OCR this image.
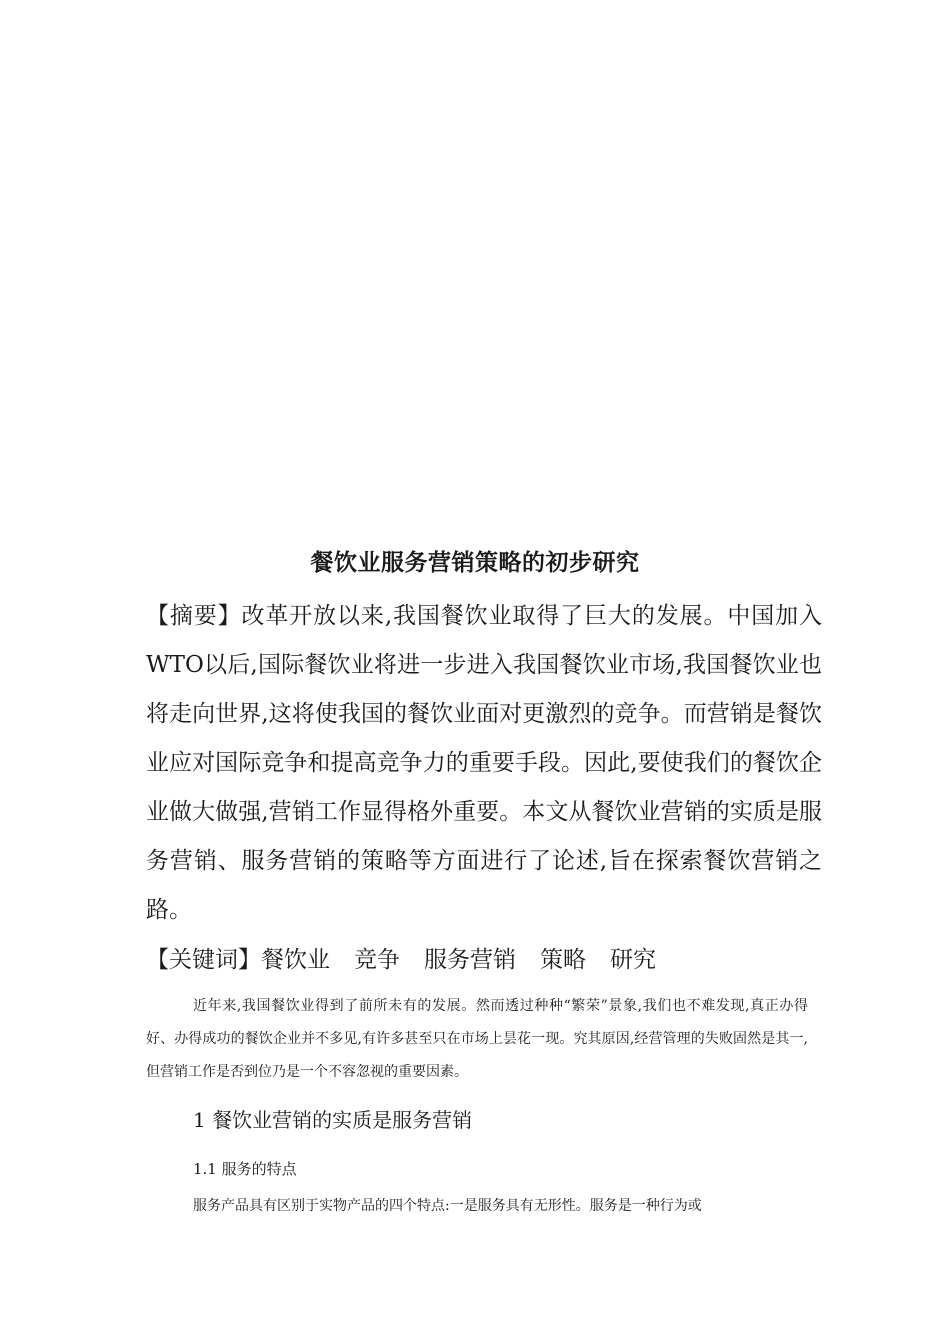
餐饮业服务营销策略的初步研究

【摘要】改革开放以来,我国餐饮业取得了巨大的发展。中国加入WTO以后,国际餐饮业将进一步进入我国餐饮业市场,我国餐饮业也将走向世界,这将使我国的餐饮业面对更激烈的竞争。而营销是餐饮业应对国际竞争和提高竞争力的重要手段。因此,要使我们的餐饮企业做大做强,营销工作显得格外重要。本文从餐饮业营销的实质是服务营销、服务营销的策略等方面进行了论述,旨在探索餐饮营销之路。

【关键词】餐饮业 竞争 服务营销 策略 研究

近年来,我国餐饮业得到了前所未有的发展。然而透过种种“繁荣”景象,我们也不难发现,真正办得好、办得成功的餐饮企业并不多见,有许多甚至只在市场上昙花一现。究其原因,经营管理的失败固然是其一,但营销工作是否到位乃是一个不容忽视的重要因素。

1 餐饮业营销的实质是服务营销
1.1 服务的特点
服务产品具有区别于实物产品的四个特点:一是服务具有无形性。服务是一种行为或
